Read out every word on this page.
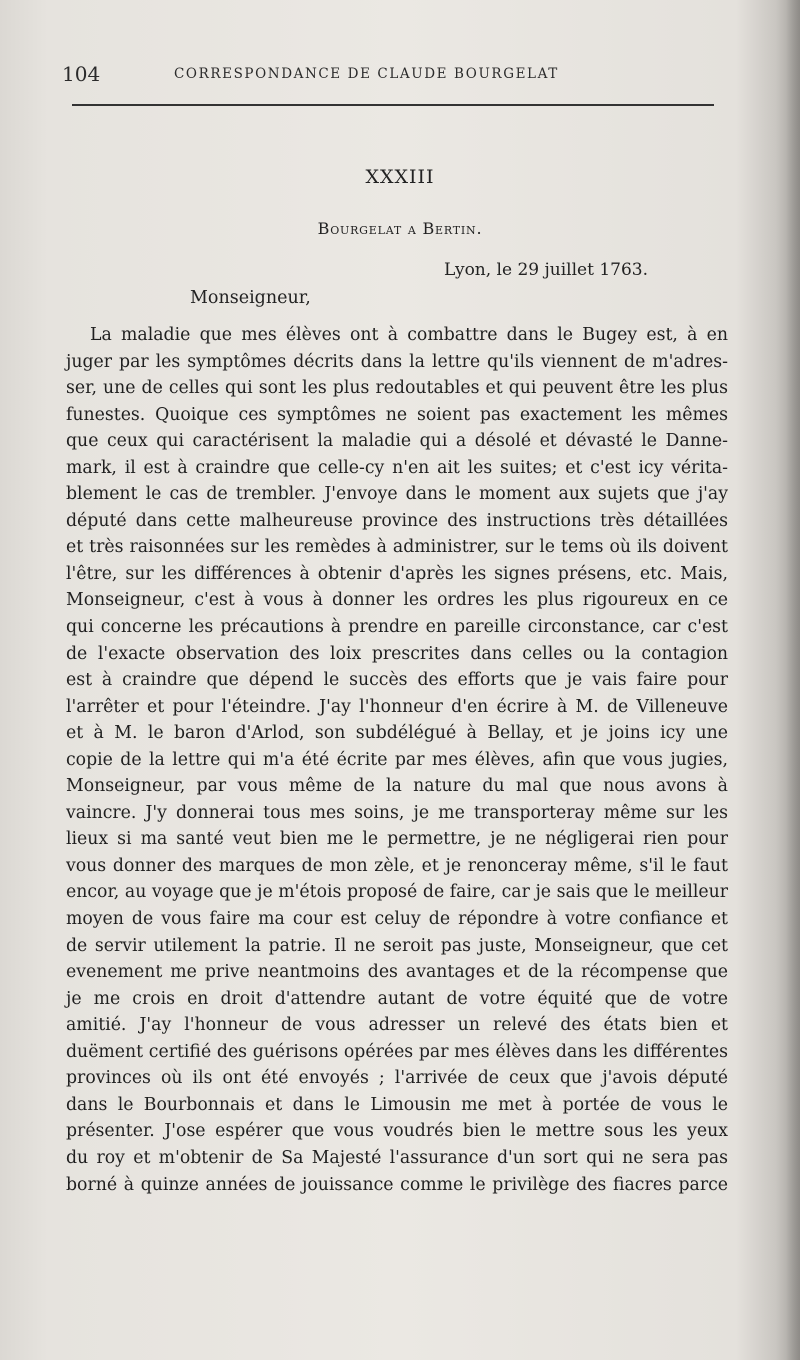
104	CORRESPONDANCE DE CLAUDE BOURGELAT
XXXIII
Bourgelat a Bertin.
Lyon, le 29 juillet 1763.
Monseigneur,
La maladie que mes élèves ont à combattre dans le Bugey est, à en
juger par les symptômes décrits dans la lettre qu'ils viennent de m'adres-
ser, une de celles qui sont les plus redoutables et qui peuvent être les plus
funestes. Quoique ces symptômes ne soient pas exactement les mêmes
que ceux qui caractérisent la maladie qui a désolé et dévasté le Danne-
mark, il est à craindre que celle-cy n'en ait les suites; et c'est icy vérita-
blement le cas de trembler. J'envoye dans le moment aux sujets que j'ay
député dans cette malheureuse province des instructions très détaillées
et très raisonnées sur les remèdes à administrer, sur le tems où ils doivent
l'être, sur les différences à obtenir d'après les signes présens, etc. Mais,
Monseigneur, c'est à vous à donner les ordres les plus rigoureux en ce
qui concerne les précautions à prendre en pareille circonstance, car c'est
de l'exacte observation des loix prescrites dans celles ou la contagion
est à craindre que dépend le succès des efforts que je vais faire pour
l'arrêter et pour l'éteindre. J'ay l'honneur d'en écrire à M. de Villeneuve
et à M. le baron d'Arlod, son subdélégué à Bellay, et je joins icy une
copie de la lettre qui m'a été écrite par mes élèves, afin que vous jugies,
Monseigneur, par vous même de la nature du mal que nous avons à
vaincre. J'y donnerai tous mes soins, je me transporteray même sur les
lieux si ma santé veut bien me le permettre, je ne négligerai rien pour
vous donner des marques de mon zèle, et je renonceray même, s'il le faut
encor, au voyage que je m'étois proposé de faire, car je sais que le meilleur
moyen de vous faire ma cour est celuy de répondre à votre confiance et
de servir utilement la patrie. Il ne seroit pas juste, Monseigneur, que cet
evenement me prive neantmoins des avantages et de la récompense que
je me crois en droit d'attendre autant de votre équité que de votre
amitié. J'ay l'honneur de vous adresser un relevé des états bien et
duëment certifié des guérisons opérées par mes élèves dans les différentes
provinces où ils ont été envoyés ; l'arrivée de ceux que j'avois député
dans le Bourbonnais et dans le Limousin me met à portée de vous le
présenter. J'ose espérer que vous voudrés bien le mettre sous les yeux
du roy et m'obtenir de Sa Majesté l'assurance d'un sort qui ne sera pas
borné à quinze années de jouissance comme le privilège des fiacres parce
